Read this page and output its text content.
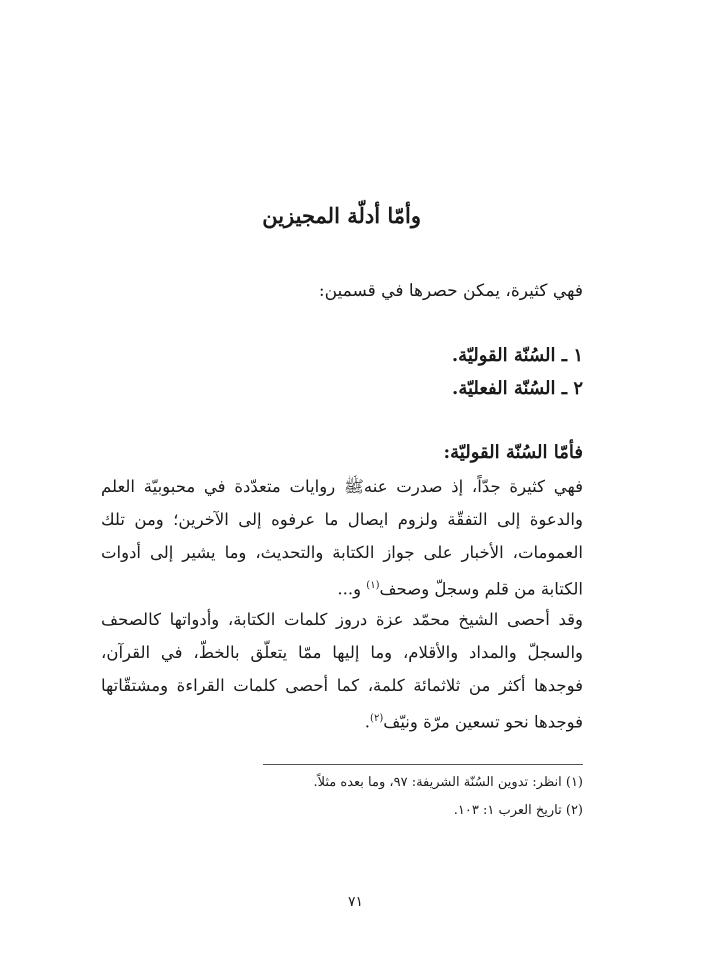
وأمّا أدلّة المجيزين
فهي كثيرة، يمكن حصرها في قسمين:
١ ـ السُنّة القوليّة.
٢ ـ السُنّة الفعليّة.
فأمّا السُنّة القوليّة:

فهي كثيرة جدّاً، إذ صدرت عنهﷺ روايات متعدّدة في محبوبيّة العلم والدعوة إلى التفقّة ولزوم ايصال ما عرفوه إلى الآخرين؛ ومن تلك العمومات، الأخبار على جواز الكتابة والتحديث، وما يشير إلى أدوات الكتابة من قلم وسجلّ وصحف$^{(١)}$ و...

وقد أحصى الشيخ محمّد عزة دروز كلمات الكتابة، وأدواتها كالصحف والسجلّ والمداد والأقلام، وما إليها ممّا يتعلّق بالخطّ، في القرآن، فوجدها أكثر من ثلاثمائة كلمة، كما أحصى كلمات القراءة ومشتقّاتها فوجدها نحو تسعين مرّة ونيّف$^{(٢)}$.

(١) انظر: تدوين السُنّة الشريفة: ٩٧، وما بعده مثلاً.
(٢) تاريخ العرب ١: ١٠٣.
٧١
